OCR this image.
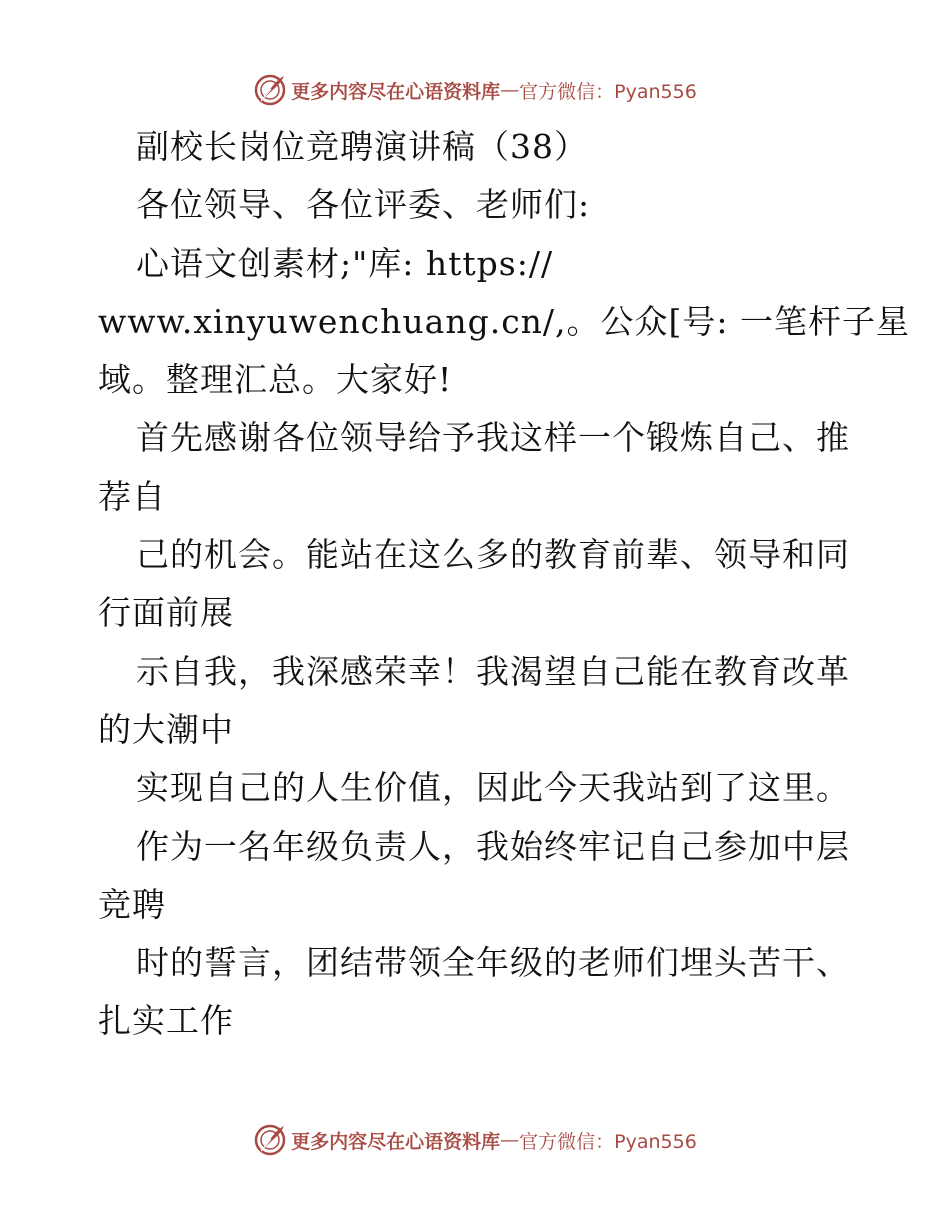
更多内容尽在心语资料库 — 官方微信：Pyan556
副校长岗位竞聘演讲稿（38）
各位领导、各位评委、老师们:
心语文创素材;"库: https://
www.xinyuwenchuang.cn/,。公众[号: 一笔杆子星
域。整理汇总。大家好!
首先感谢各位领导给予我这样一个锻炼自己、推
荐自
己的机会。能站在这么多的教育前辈、领导和同
行面前展
示自我，我深感荣幸！我渴望自己能在教育改革
的大潮中
实现自己的人生价值，因此今天我站到了这里。
作为一名年级负责人，我始终牢记自己参加中层
竞聘
时的誓言，团结带领全年级的老师们埋头苦干、
扎实工作
更多内容尽在心语资料库 — 官方微信：Pyan556
